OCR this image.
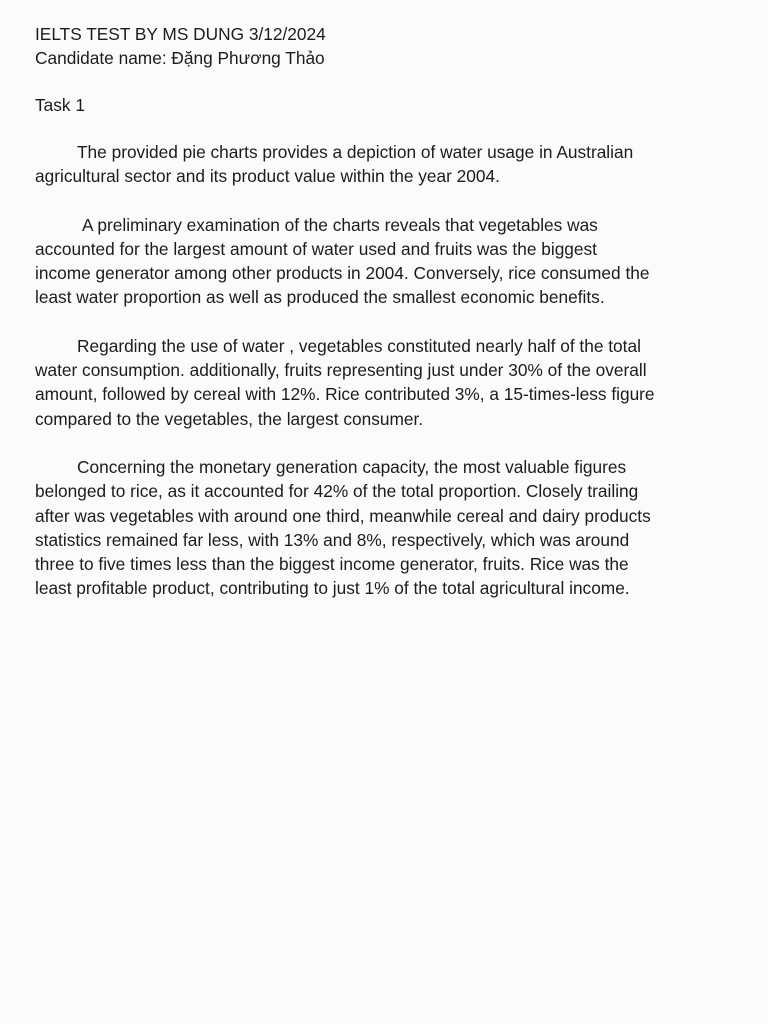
IELTS TEST BY MS DUNG 3/12/2024

Candidate name: Đặng Phương Thảo

Task 1

The provided pie charts provides a depiction of water usage in Australian
agricultural sector and its product value within the year 2004.
A preliminary examination of the charts reveals that vegetables was
accounted for the largest amount of water used and fruits was the biggest
income generator among other products in 2004. Conversely, rice consumed the
least water proportion as well as produced the smallest economic benefits.
Regarding the use of water , vegetables constituted nearly half of the total
water consumption. additionally, fruits representing just under 30% of the overall
amount, followed by cereal with 12%. Rice contributed 3%, a 15-times-less figure
compared to the vegetables, the largest consumer.
Concerning the monetary generation capacity, the most valuable figures
belonged to rice, as it accounted for 42% of the total proportion. Closely trailing
after was vegetables with around one third, meanwhile cereal and dairy products
statistics remained far less, with 13% and 8%, respectively, which was around
three to five times less than the biggest income generator, fruits. Rice was the
least profitable product, contributing to just 1% of the total agricultural income.
